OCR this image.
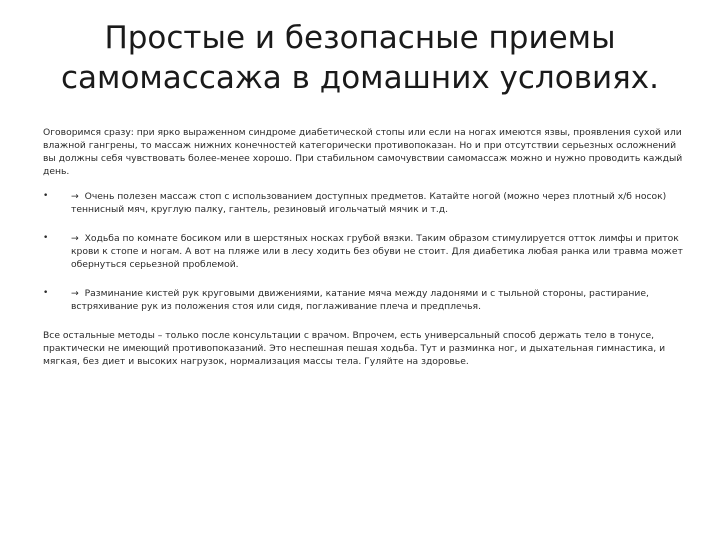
Простые и безопасные приемы
самомассажа в домашних условиях.

Оговоримся сразу: при ярко выраженном синдроме диабетической стопы или если на ногах имеются язвы, проявления сухой или влажной гангрены, то массаж нижних конечностей категорически противопоказан. Но и при отсутствии серьезных осложнений вы должны себя чувствовать более-менее хорошо. При стабильном самочувствии самомассаж можно и нужно проводить каждый день.

• → Очень полезен массаж стоп с использованием доступных предметов. Катайте ногой (можно через плотный х/б носок) теннисный мяч, круглую палку, гантель, резиновый игольчатый мячик и т.д.
• → Ходьба по комнате босиком или в шерстяных носках грубой вязки. Таким образом стимулируется отток лимфы и приток крови к стопе и ногам. А вот на пляже или в лесу ходить без обуви не стоит. Для диабетика любая ранка или травма может обернуться серьезной проблемой.
• → Разминание кистей рук круговыми движениями, катание мяча между ладонями и с тыльной стороны, растирание, встряхивание рук из положения стоя или сидя, поглаживание плеча и предплечья.

Все остальные методы – только после консультации с врачом. Впрочем, есть универсальный способ держать тело в тонусе, практически не имеющий противопоказаний. Это неспешная пешая ходьба. Тут и разминка ног, и дыхательная гимнастика, и мягкая, без диет и высоких нагрузок, нормализация массы тела. Гуляйте на здоровье.
